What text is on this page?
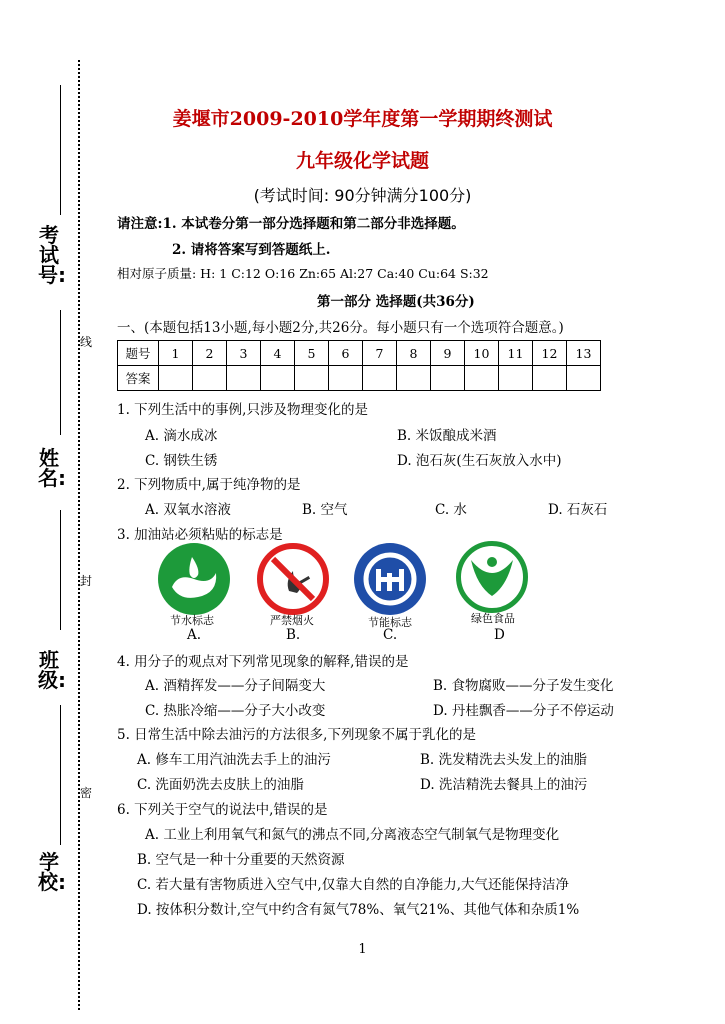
考试号:
姓名:
班级:
学校:
线
封
密
姜堰市2009-2010学年度第一学期期终测试
九年级化学试题
(考试时间: 90分钟满分100分)
请注意:1. 本试卷分第一部分选择题和第二部分非选择题。
2. 请将答案写到答题纸上.
相对原子质量: H: 1 C:12 O:16 Zn:65 Al:27 Ca:40 Cu:64 S:32
第一部分 选择题(共36分)
一、(本题包括13小题,每小题2分,共26分。每小题只有一个选项符合题意。)
题号	1	2	3	4	5	6	7	8	9	10	11	12	13
答案													
1. 下列生活中的事例,只涉及物理变化的是
A. 滴水成冰	B. 米饭酿成米酒
C. 钢铁生锈	D. 泡石灰(生石灰放入水中)
2. 下列物质中,属于纯净物的是
A. 双氧水溶液	B. 空气	C. 水	D. 石灰石
3. 加油站必须粘贴的标志是
节水标志
A.
严禁烟火
B.
节能标志
C.
绿色食品
D
4. 用分子的观点对下列常见现象的解释,错误的是
A. 酒精挥发——分子间隔变大	B. 食物腐败——分子发生变化
C. 热胀冷缩——分子大小改变	D. 丹桂飘香——分子不停运动
5. 日常生活中除去油污的方法很多,下列现象不属于乳化的是
A. 修车工用汽油洗去手上的油污	B. 洗发精洗去头发上的油脂
C. 洗面奶洗去皮肤上的油脂	D. 洗洁精洗去餐具上的油污
6. 下列关于空气的说法中,错误的是
A. 工业上利用氧气和氮气的沸点不同,分离液态空气制氧气是物理变化
B. 空气是一种十分重要的天然资源
C. 若大量有害物质进入空气中,仅靠大自然的自净能力,大气还能保持洁净
D. 按体积分数计,空气中约含有氮气78%、氧气21%、其他气体和杂质1%
1
